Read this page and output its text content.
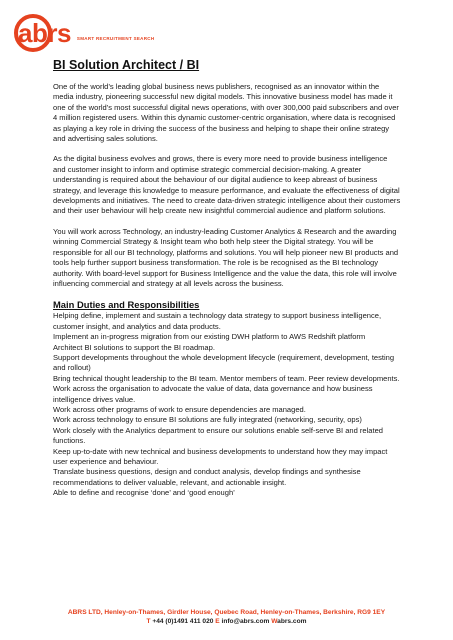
abrs SMART RECRUITMENT SEARCH
BI Solution Architect / BI

One of the world’s leading global business news publishers, recognised as an innovator within the media industry, pioneering successful new digital models. This innovative business model has made it one of the world’s most successful digital news operations, with over 300,000 paid subscribers and over 4 million registered users. Within this dynamic customer-centric organisation, where data is recognised as playing a key role in driving the success of the business and helping to shape their online strategy and advertising sales solutions.

As the digital business evolves and grows, there is every more need to provide business intelligence and customer insight to inform and optimise strategic commercial decision-making. A greater understanding is required about the behaviour of our digital audience to keep abreast of business strategy, and leverage this knowledge to measure performance, and evaluate the effectiveness of digital developments and initiatives. The need to create data-driven strategic intelligence about their customers and their user behaviour will help create new insightful commercial audience and platform solutions.

You will work across Technology, an industry-leading Customer Analytics & Research and the awarding winning Commercial Strategy & Insight team who both help steer the Digital strategy. You will be responsible for all our BI technology, platforms and solutions. You will help pioneer new BI products and tools help further support business transformation. The role is be recognised as the BI technology authority. With board-level support for Business Intelligence and the value the data, this role will involve influencing commercial and strategy at all levels across the business.

Main Duties and Responsibilities
Helping define, implement and sustain a technology data strategy to support business intelligence, customer insight, and analytics and data products.
Implement an in-progress migration from our existing DWH platform to AWS Redshift platform
Architect BI solutions to support the BI roadmap.
Support developments throughout the whole development lifecycle (requirement, development, testing and rollout)
Bring technical thought leadership to the BI team. Mentor members of team. Peer review developments.
Work across the organisation to advocate the value of data, data governance and how business intelligence drives value.
Work across other programs of work to ensure dependencies are managed.
Work across technology to ensure BI solutions are fully integrated (networking, security, ops)
Work closely with the Analytics department to ensure our solutions enable self-serve BI and related functions.
Keep up-to-date with new technical and business developments to understand how they may impact user experience and behaviour.
Translate business questions, design and conduct analysis, develop findings and synthesise recommendations to deliver valuable, relevant, and actionable insight.
Able to define and recognise ‘done’ and ‘good enough’
ABRS LTD, Henley-on-Thames, Girdler House, Quebec Road, Henley-on-Thames, Berkshire, RG9 1EY
T +44 (0)1491 411 020 E info@abrs.com Wabrs.com
